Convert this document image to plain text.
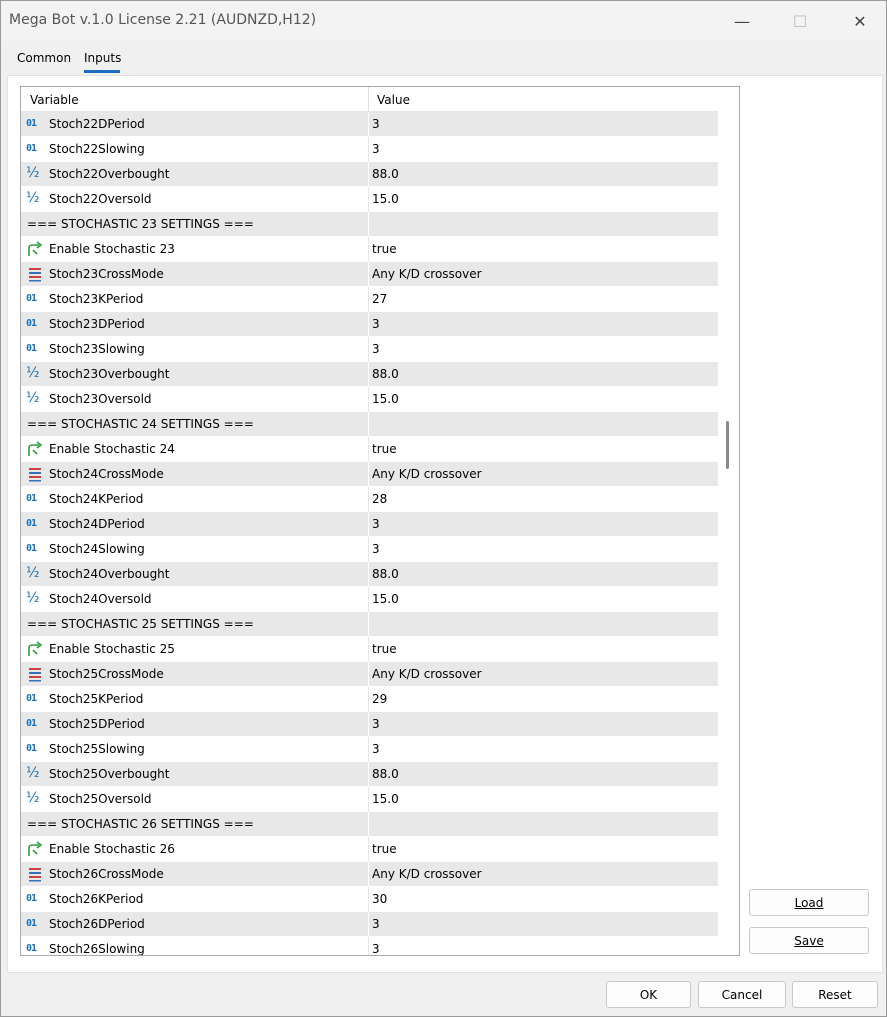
Mega Bot v.1.0 License 2.21 (AUDNZD,H12)	—	☐	✕
Common Inputs
Variable	Value
01	Stoch22DPeriod	3
01	Stoch22Slowing	3
½ Stoch22Overbought	88.0
½ Stoch22Oversold	15.0
=== STOCHASTIC 23 SETTINGS ===
Enable Stochastic 23	true
Stoch23CrossMode	Any K/D crossover
01	Stoch23KPeriod	27
01	Stoch23DPeriod	3
01	Stoch23Slowing	3
½ Stoch23Overbought	88.0
½ Stoch23Oversold	15.0
=== STOCHASTIC 24 SETTINGS ===
Enable Stochastic 24	true
Stoch24CrossMode	Any K/D crossover
01	Stoch24KPeriod	28
01	Stoch24DPeriod	3
01	Stoch24Slowing	3
½ Stoch24Overbought	88.0
½ Stoch24Oversold	15.0
=== STOCHASTIC 25 SETTINGS ===
Enable Stochastic 25	true
Stoch25CrossMode	Any K/D crossover
01	Stoch25KPeriod	29
01	Stoch25DPeriod	3
01	Stoch25Slowing	3
½ Stoch25Overbought	88.0
½ Stoch25Oversold	15.0
=== STOCHASTIC 26 SETTINGS ===
Enable Stochastic 26	true
Stoch26CrossMode	Any K/D crossover
01	Stoch26KPeriod	30
01	Stoch26DPeriod	3
01	Stoch26Slowing	3
Load
Save
OK	Cancel	Reset
